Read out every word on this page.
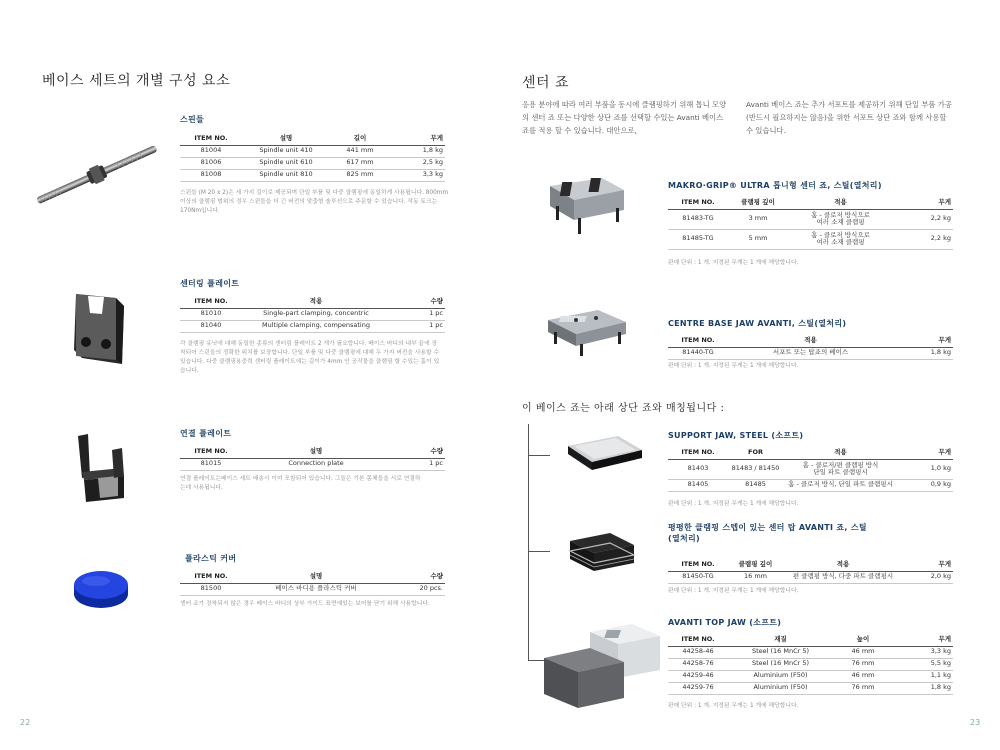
베이스 세트의 개별 구성 요소
스핀들
ITEM NO.	설명	길이	무게
81004	Spindle unit 410	441 mm	1,8 kg
81006	Spindle unit 610	617 mm	2,5 kg
81008	Spindle unit 810	825 mm	3,3 kg
스핀들 (M 20 x 2)은 세 가지 길이로 제공되며 단일 부품 및 다중 클램핑에 동일하게 사용됩니다. 800mm 이상의 클램핑 범위의 경우 스핀들을 더 긴 버전의 맞춤형 솔루션으로 주문할 수 있습니다. 작동 토크는 170Nm입니다.
센터링 플레이트
ITEM NO.	적용	수량
81010	Single-part clamping, concentric	1 pc
81040	Multiple clamping, compensating	1 pc
각 클램핑 유닛에 대해 동일한 종류의 센터링 플레이트 2 개가 필요합니다. 베이스 바디의 내부 끝에 장착되어 스핀들의 정확한 위치를 보장합니다. 단일 부품 및 다중 클램핑에 대해 두 가지 버전을 사용할 수 있습니다. 다중 클램핑용중력 센터링 플레이트에는 길이가 4mm 인 공작물을 클램핑 할 수있는 홈이 있습니다.
연결 플레이트
ITEM NO.	설명	수량
81015	Connection plate	1 pc
연결 플레이트는베이스 세트 배송시 이미 포함되어 있습니다. 그들은 기본 몸체들을 서로 연결하는데 사용됩니다.
플라스틱 커버
ITEM NO.	설명	수량
81500	베이스 바디용 플라스틱 커버	20 pcs.
센터 죠가 장착되지 않은 경우 베이스 바디의 상부 가이드 표면예있는 보어를 닫기 위해 사용합니다.
22
센터 죠
응용 분야에 따라 여러 부품을 동시에 클램핑하기 위해 톱니 모양의 센터 죠 또는 다양한 상단 죠를 선택할 수있는 Avanti 베이스 죠를 적용 할 수 있습니다. 대안으로,
Avanti 베이스 죠는 추가 서포트를 제공하기 위해 단일 부품 가공(반드시 필요하지는 않음)을 위한 서포트 상단 죠와 함께 사용할 수 있습니다.
MAKRO·GRIP® ULTRA 톱니형 센터 죠, 스틸(열처리)
ITEM NO.	클램핑 깊이	적용	무게
81483-TG	3 mm	홈 - 클로저 방식으로
여러 소재 클램핑	2,2 kg
81485-TG	5 mm	홈 - 클로저 방식으로
여러 소재 클램핑	2,2 kg
판매 단위 : 1 개. 지정된 무게는 1 개에 해당합니다.
CENTRE BASE JAW AVANTI, 스틸(열처리)
ITEM NO.	적용	무게
81440-TG	서포트 또는 탑죠의 베이스	1,8 kg
판매 단위 : 1 개. 지정된 무게는 1 개에 해당합니다.
이 베이스 죠는 아래 상단 죠와 매칭됩니다 :
SUPPORT JAW, STEEL (소프트)
ITEM NO.	FOR	적용	무게
81403	81483 / 81450	홈 - 클로저/편 클램핑 방식
단일 파트 클램핑시	1,0 kg
81405	81485	홈 - 클로저 방식, 단일 파트 클램핑시	0,9 kg
판매 단위 : 1 개. 지정된 무게는 1 개에 해당합니다.
평평한 클램핑 스텝이 있는 센터 탑 AVANTI 죠, 스틸
(열처리)
ITEM NO.	클램핑 깊이	적용	무게
81450-TG	16 mm	편 클램핑 방식, 다중 파트 클램핑시	2,0 kg
판매 단위 : 1 개. 지정된 무게는 1 개에 해당합니다.
AVANTI TOP JAW (소프트)
ITEM NO.	재질	높이	무게
44258-46	Steel (16 MnCr 5)	46 mm	3,3 kg
44258-76	Steel (16 MnCr 5)	76 mm	5,5 kg
44259-46	Aluminium (F50)	46 mm	1,1 kg
44259-76	Aluminium (F50)	76 mm	1,8 kg
판매 단위 : 1 개. 지정된 무게는 1 개에 해당합니다.
23
